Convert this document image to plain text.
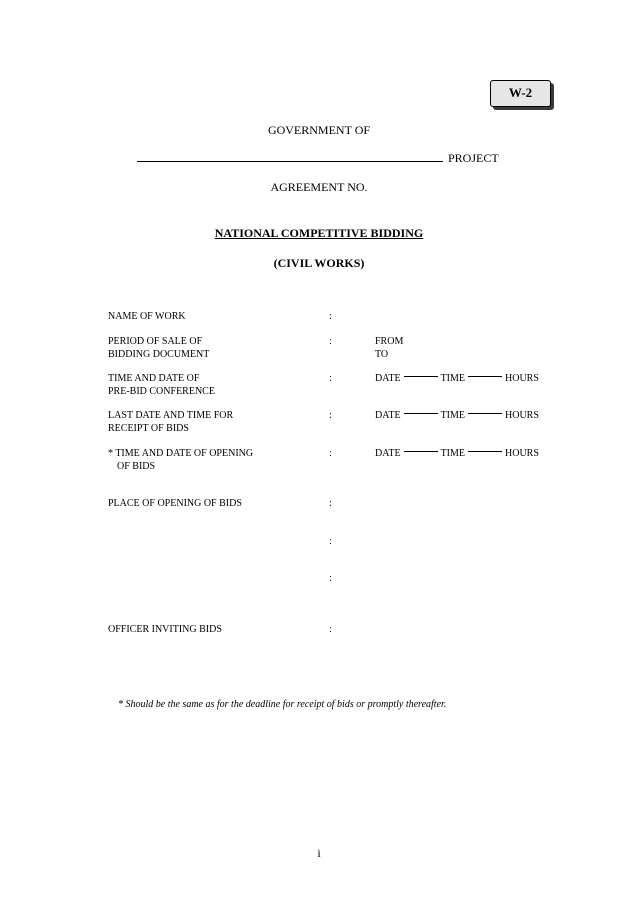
W-2
GOVERNMENT OF
PROJECT
AGREEMENT NO.
NATIONAL COMPETITIVE BIDDING
(CIVIL WORKS)
NAME OF WORK	:
PERIOD OF SALE OF
BIDDING DOCUMENT
:	FROM
TO
TIME AND DATE OF
PRE-BID CONFERENCE
:	DATE	TIME	HOURS
LAST DATE AND TIME FOR
RECEIPT OF BIDS
:	DATE	TIME	HOURS
* TIME AND DATE OF OPENING
OF BIDS
:	DATE	TIME	HOURS
PLACE OF OPENING OF BIDS	:
:
:
OFFICER INVITING BIDS	:
* Should be the same as for the deadline for receipt of bids or promptly thereafter.
i
